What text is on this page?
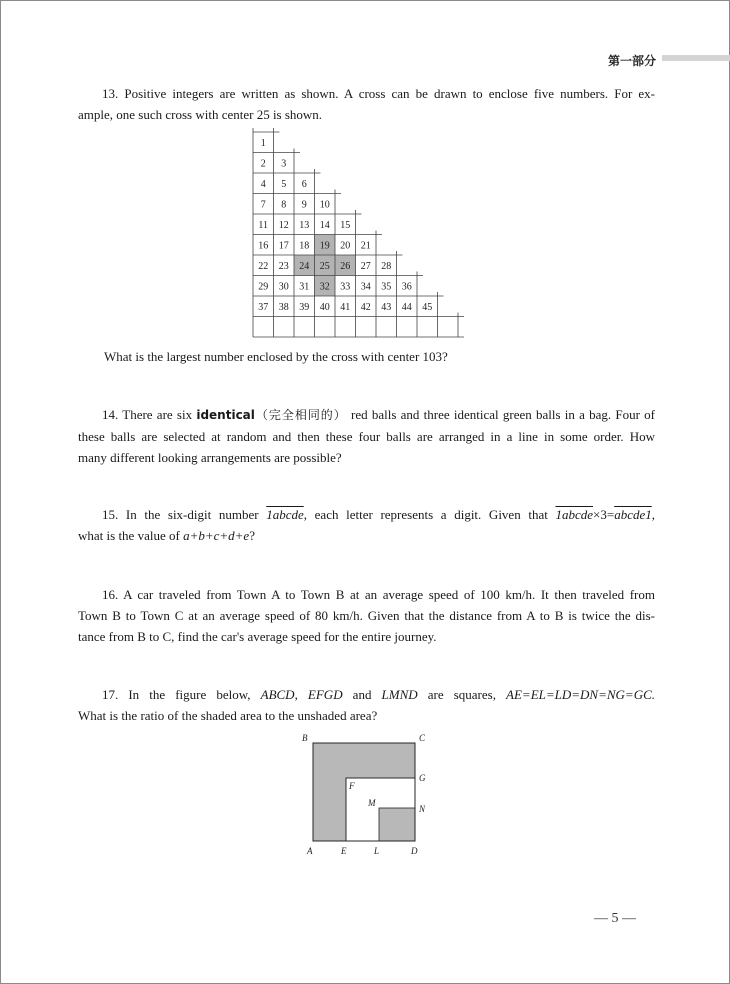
第一部分
13. Positive integers are written as shown. A cross can be drawn to enclose five numbers. For ex-
ample, one such cross with center 25 is shown.
1
2 3
4 5 6
7 8 9 10
11 12 13 14 15
16 17 18 19 20 21
22 23 24 25 26 27 28
29 30 31 32 33 34 35 36
37 38 39 40 41 42 43 44 45
What is the largest number enclosed by the cross with center 103?
14. There are six identical（完全相同的） red balls and three identical green balls in a bag. Four of
these balls are selected at random and then these four balls are arranged in a line in some order. How
many different looking arrangements are possible?
15. In the six-digit number 1abcde, each letter represents a digit. Given that 1abcde×3=abcde1,
what is the value of a+b+c+d+e?
16. A car traveled from Town A to Town B at an average speed of 100 km/h. It then traveled from
Town B to Town C at an average speed of 80 km/h. Given that the distance from A to B is twice the dis-
tance from B to C, find the car's average speed for the entire journey.
17. In the figure below, ABCD, EFGD and LMND are squares, AE=EL=LD=DN=NG=GC.
What is the ratio of the shaded area to the unshaded area?
B	C
G
F
M
N
A	E	L	D
— 5 —
